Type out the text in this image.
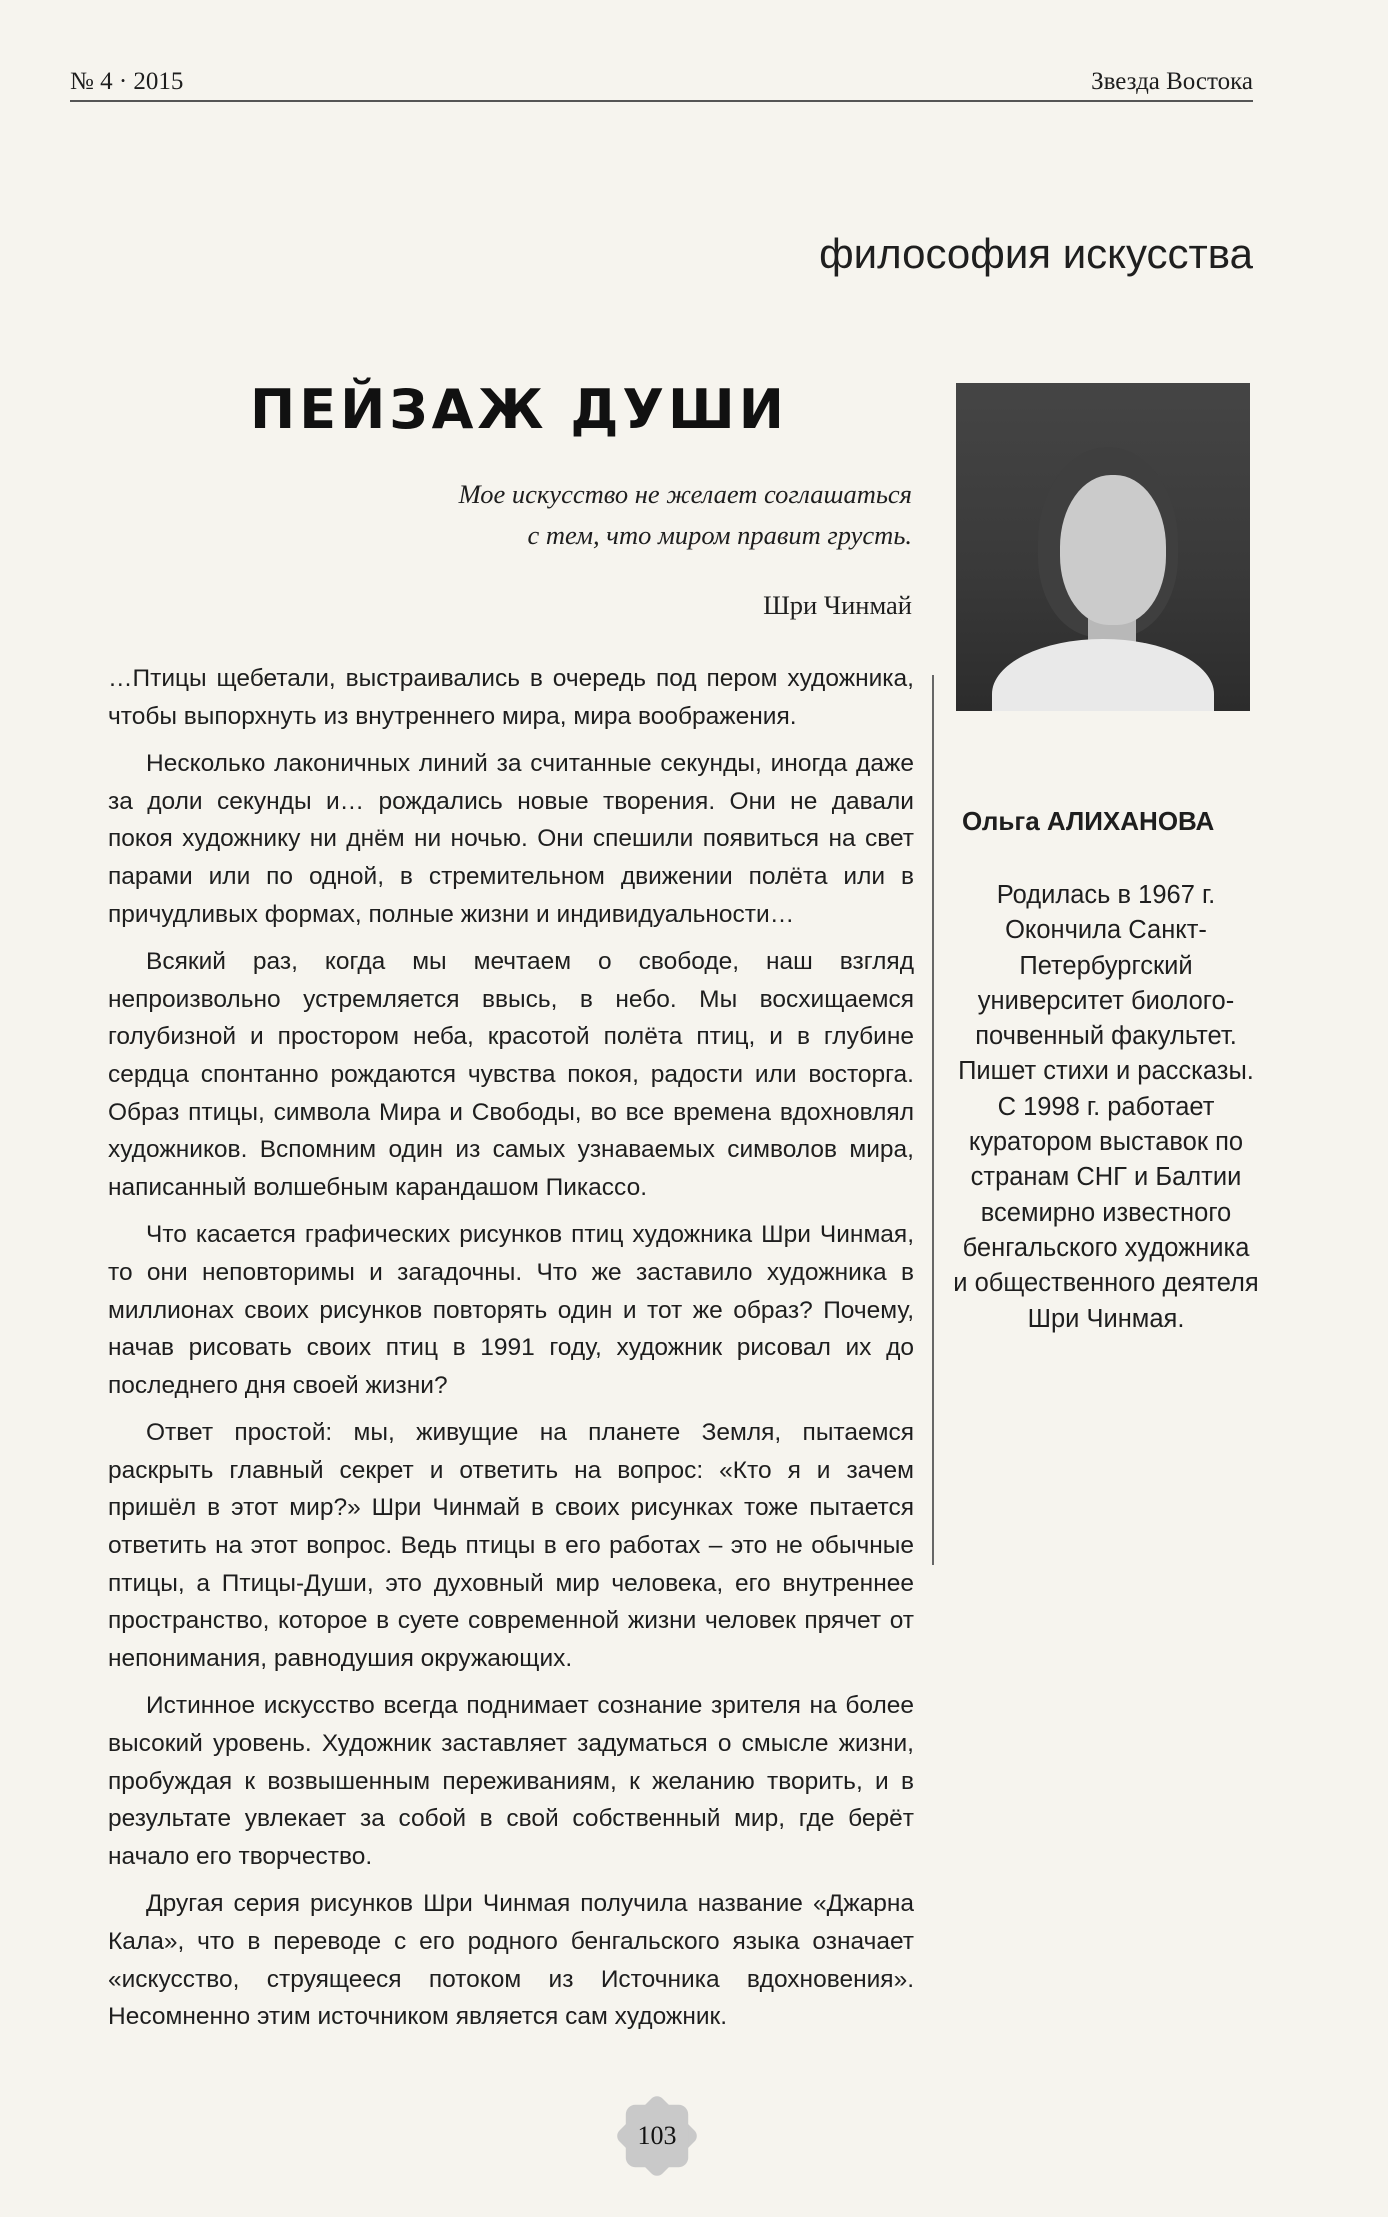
№ 4 · 2015	Звезда Востока
философия искусства
ПЕЙЗАЖ ДУШИ
Мое искусство не желает соглашаться
с тем, что миром правит грусть.
Шри Чинмай

…Птицы щебетали, выстраивались в очередь под пером художника, чтобы выпорхнуть из внутреннего мира, мира воображения.

Несколько лаконичных линий за считанные секунды, иногда даже за доли секунды и… рождались новые творения. Они не давали покоя художнику ни днём ни ночью. Они спешили появиться на свет парами или по одной, в стремительном движении полёта или в причудливых формах, полные жизни и индивидуальности…

Всякий раз, когда мы мечтаем о свободе, наш взгляд непроизвольно устремляется ввысь, в небо. Мы восхищаемся голубизной и простором неба, красотой полёта птиц, и в глубине сердца спонтанно рождаются чувства покоя, радости или восторга. Образ птицы, символа Мира и Свободы, во все времена вдохновлял художников. Вспомним один из самых узнаваемых символов мира, написанный волшебным карандашом Пикассо.

Что касается графических рисунков птиц художника Шри Чинмая, то они неповторимы и загадочны. Что же заставило художника в миллионах своих рисунков повторять один и тот же образ? Почему, начав рисовать своих птиц в 1991 году, художник рисовал их до последнего дня своей жизни?

Ответ простой: мы, живущие на планете Земля, пытаемся раскрыть главный секрет и ответить на вопрос: «Кто я и зачем пришёл в этот мир?» Шри Чинмай в своих рисунках тоже пытается ответить на этот вопрос. Ведь птицы в его работах – это не обычные птицы, а Птицы-Души, это духовный мир человека, его внутреннее пространство, которое в суете современной жизни человек прячет от непонимания, равнодушия окружающих.

Истинное искусство всегда поднимает сознание зрителя на более высокий уровень. Художник заставляет задуматься о смысле жизни, пробуждая к возвышенным переживаниям, к желанию творить, и в результате увлекает за собой в свой собственный мир, где берёт начало его творчество.

Другая серия рисунков Шри Чинмая получила название «Джарна Кала», что в переводе с его родного бенгальского языка означает «искусство, струящееся потоком из Источника вдохновения». Несомненно этим источником является сам художник.

Ольга АЛИХАНОВА
Родилась в 1967 г. Окончила Санкт-Петербургский университет биолого-почвенный факультет. Пишет стихи и рассказы. С 1998 г. работает куратором выставок по странам СНГ и Балтии всемирно известного бенгальского художника и общественного деятеля Шри Чинмая.
103
